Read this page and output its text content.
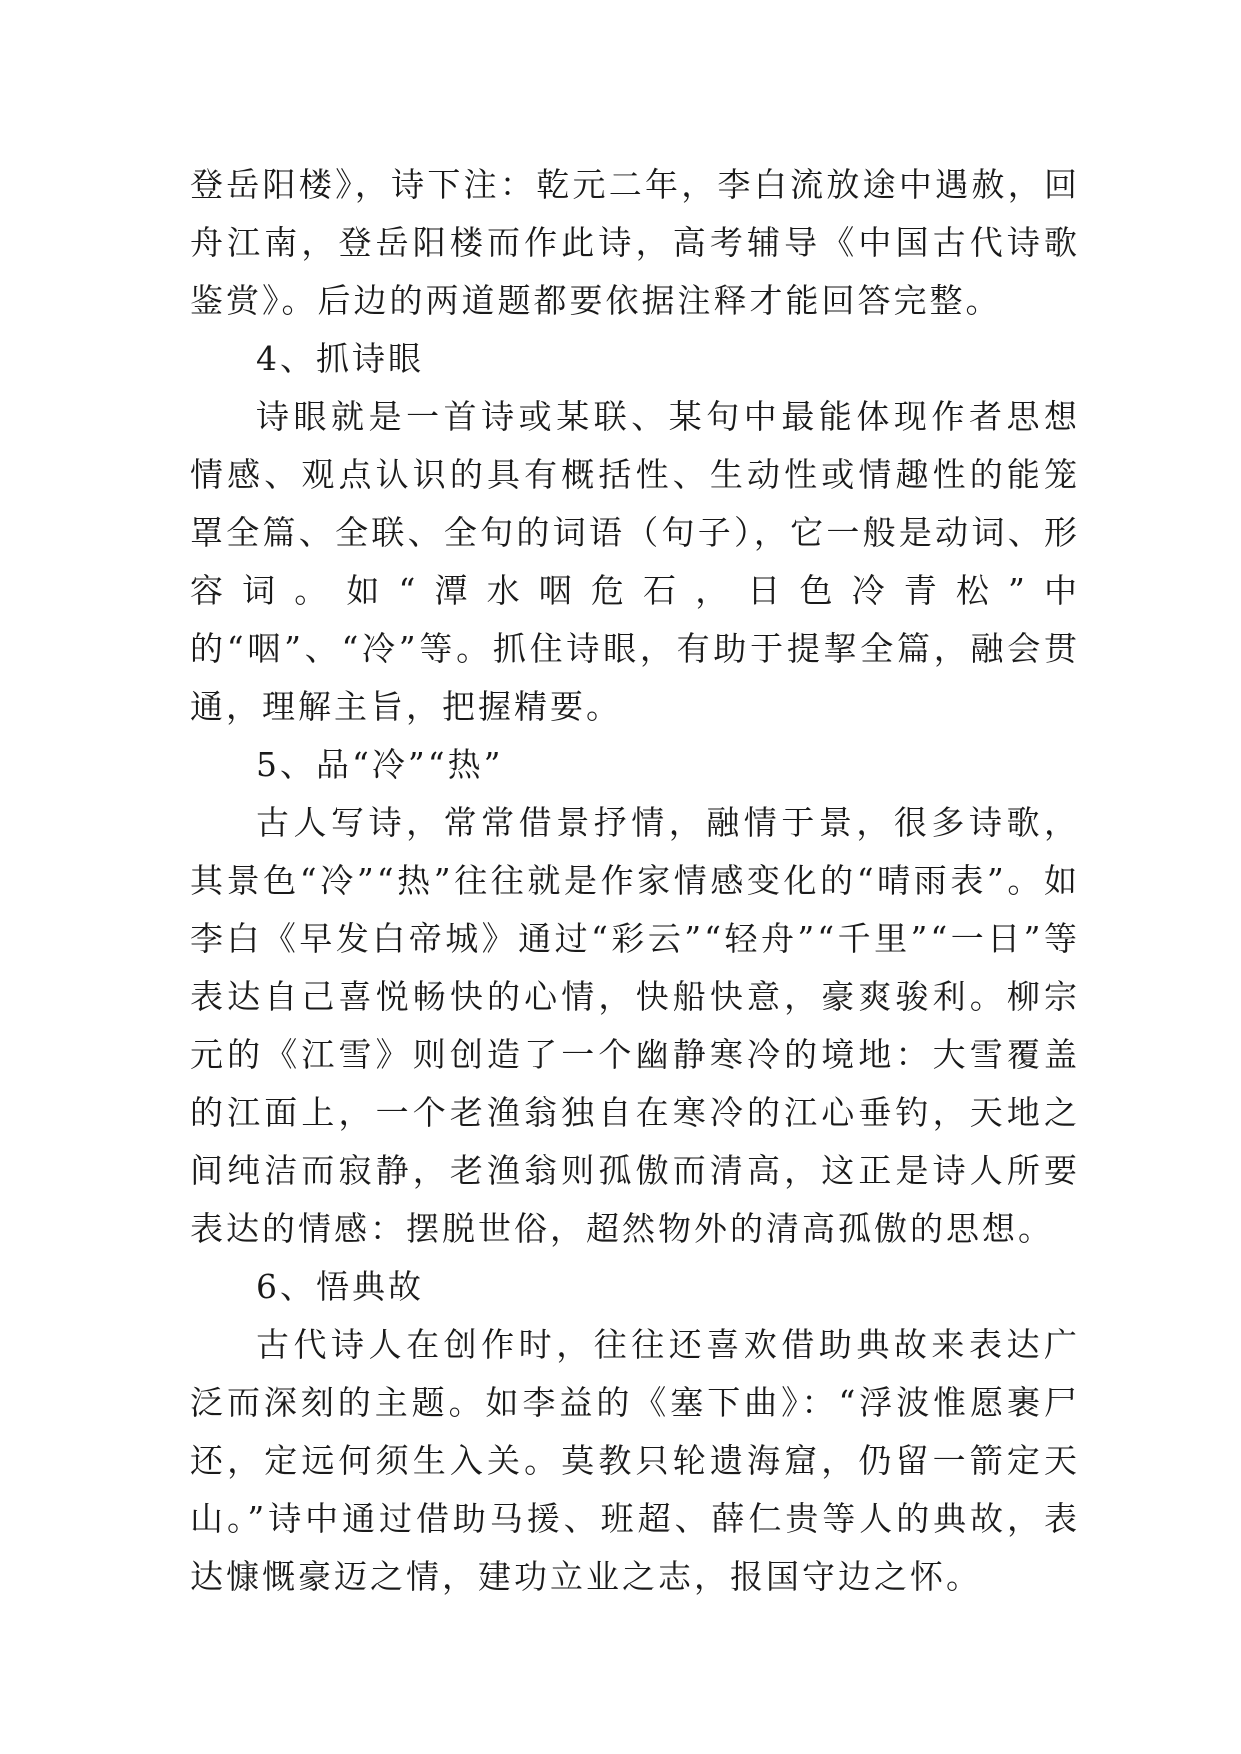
登岳阳楼》，诗下注：乾元二年，李白流放途中遇赦，回舟江南，登岳阳楼而作此诗，高考辅导《中国古代诗歌鉴赏》。后边的两道题都要依据注释才能回答完整。

4、抓诗眼

诗眼就是一首诗或某联、某句中最能体现作者思想情感、观点认识的具有概括性、生动性或情趣性的能笼罩全篇、全联、全句的词语（句子），它一般是动词、形容词。如“潭水咽危石，日色冷青松”中的“咽”、“冷”等。抓住诗眼，有助于提挈全篇，融会贯通，理解主旨，把握精要。

5、品“冷”“热”

古人写诗，常常借景抒情，融情于景，很多诗歌，其景色“冷”“热”往往就是作家情感变化的“晴雨表”。如李白《早发白帝城》通过“彩云”“轻舟”“千里”“一日”等表达自己喜悦畅快的心情，快船快意，豪爽骏利。柳宗元的《江雪》则创造了一个幽静寒冷的境地：大雪覆盖的江面上，一个老渔翁独自在寒冷的江心垂钓，天地之间纯洁而寂静，老渔翁则孤傲而清高，这正是诗人所要表达的情感：摆脱世俗，超然物外的清高孤傲的思想。

6、悟典故

古代诗人在创作时，往往还喜欢借助典故来表达广泛而深刻的主题。如李益的《塞下曲》：“浮波惟愿裹尸还，定远何须生入关。莫教只轮遗海窟，仍留一箭定天山。”诗中通过借助马援、班超、薛仁贵等人的典故，表达慷慨豪迈之情，建功立业之志，报国守边之怀。
